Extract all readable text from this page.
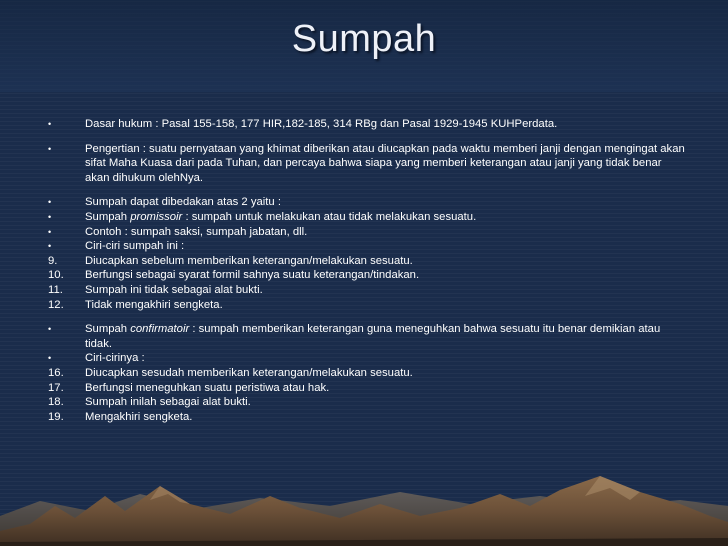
Sumpah
•	Dasar hukum : Pasal 155-158, 177 HIR,182-185, 314 RBg dan Pasal 1929-1945 KUHPerdata.
•	Pengertian : suatu pernyataan yang khimat diberikan atau diucapkan pada waktu memberi janji dengan mengingat akan sifat Maha Kuasa dari pada Tuhan, dan percaya bahwa siapa yang memberi keterangan atau janji yang tidak benar akan dihukum olehNya.
•	Sumpah dapat dibedakan atas 2 yaitu :
•	Sumpah promissoir : sumpah untuk melakukan atau tidak melakukan sesuatu.
•	Contoh : sumpah saksi, sumpah jabatan, dll.
•	Ciri-ciri sumpah ini :
9.	Diucapkan sebelum memberikan keterangan/melakukan sesuatu.
10.	Berfungsi sebagai syarat formil sahnya suatu keterangan/tindakan.
11.	Sumpah ini tidak sebagai alat bukti.
12.	Tidak mengakhiri sengketa.
•	Sumpah confirmatoir : sumpah memberikan keterangan guna meneguhkan bahwa sesuatu itu benar demikian atau tidak.
•	Ciri-cirinya :
16.	Diucapkan sesudah memberikan keterangan/melakukan sesuatu.
17.	Berfungsi meneguhkan suatu peristiwa atau hak.
18.	Sumpah inilah sebagai alat bukti.
19.	Mengakhiri sengketa.
